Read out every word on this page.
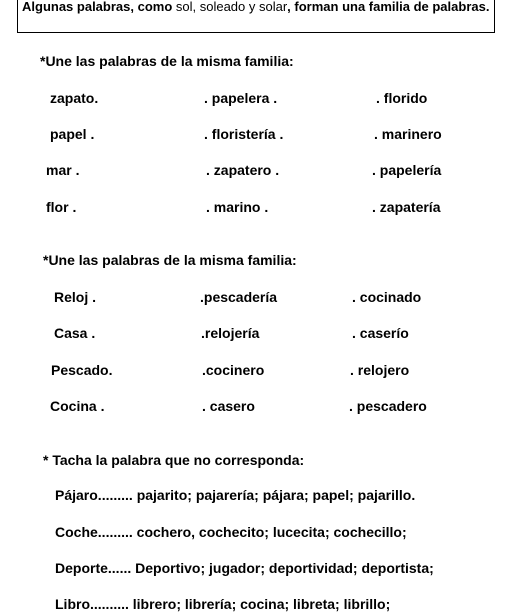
Algunas palabras, como sol, soleado y solar, forman una familia de palabras.
*Une las palabras de la misma familia:
zapato.	. papelera .	. florido
papel .	. floristería .	. marinero
mar .	. zapatero .	. papelería
flor .	. marino .	. zapatería
*Une las palabras de la misma familia:
Reloj .	.pescadería	. cocinado
Casa .	.relojería	. caserío
Pescado.	.cocinero	. relojero
Cocina .	. casero	. pescadero
* Tacha la palabra que no corresponda:
Pájaro......... pajarito; pajarería; pájara; papel; pajarillo.
Coche......... cochero, cochecito; lucecita; cochecillo;
Deporte...... Deportivo; jugador; deportividad; deportista;
Libro.......... librero; librería; cocina; libreta; librillo;
